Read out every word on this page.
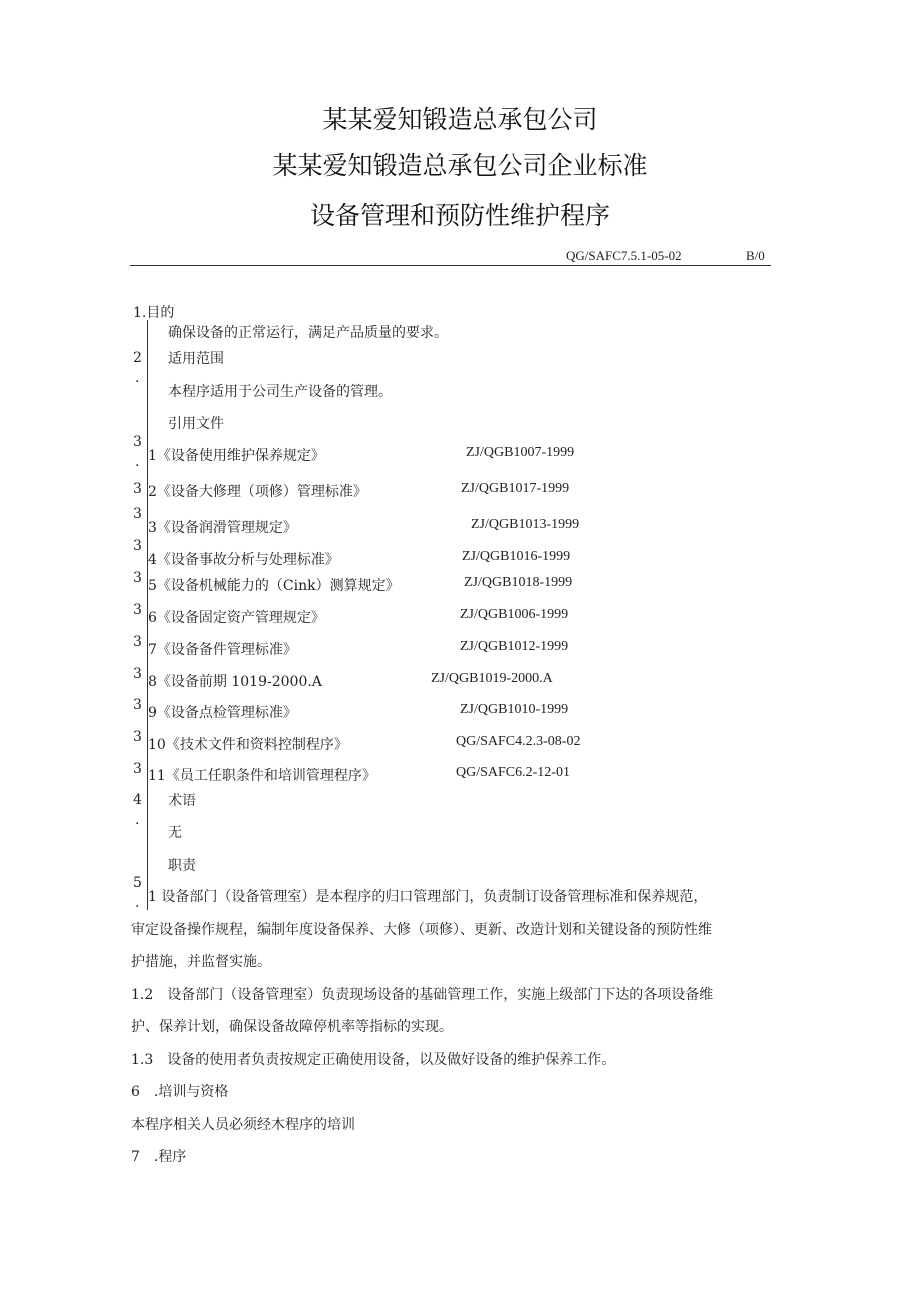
某某爱知锻造总承包公司
某某爱知锻造总承包公司企业标准
设备管理和预防性维护程序
QG/SAFC7.5.1-05-02	B/0
1.目的
确保设备的正常运行，满足产品质量的要求。
2
.
适用范围
本程序适用于公司生产设备的管理。
引用文件
3
. 1《设备使用维护保养规定》	ZJ/QGB1007-1999
3 2《设备大修理（项修）管理标准》	ZJ/QGB1017-1999
3
3《设备润滑管理规定》	ZJ/QGB1013-1999
3
4《设备事故分析与处理标准》	ZJ/QGB1016-1999
3 5《设备机械能力的（Cink）测算规定》	ZJ/QGB1018-1999
3 6《设备固定资产管理规定》	ZJ/QGB1006-1999
3 7《设备备件管理标准》	ZJ/QGB1012-1999
3 8《设备前期 1019-2000.A	ZJ/QGB1019-2000.A
3 9《设备点检管理标准》	ZJ/QGB1010-1999
3 10《技术文件和资料控制程序》	QG/SAFC4.2.3-08-02
3 11《员工任职条件和培训管理程序》	QG/SAFC6.2-12-01
4
.
术语
无
职责
5
. 1 设备部门（设备管理室）是本程序的归口管理部门，负责制订设备管理标准和保养规范，
审定设备操作规程，编制年度设备保养、大修（项修）、更新、改造计划和关键设备的预防性维
护措施，并监督实施。
1.2　设备部门（设备管理室）负责现场设备的基础管理工作，实施上级部门下达的各项设备维
护、保养计划，确保设备故障停机率等指标的实现。
1.3　设备的使用者负责按规定正确使用设备，以及做好设备的维护保养工作。
6　.培训与资格
本程序相关人员必须经木程序的培训
7　.程序
